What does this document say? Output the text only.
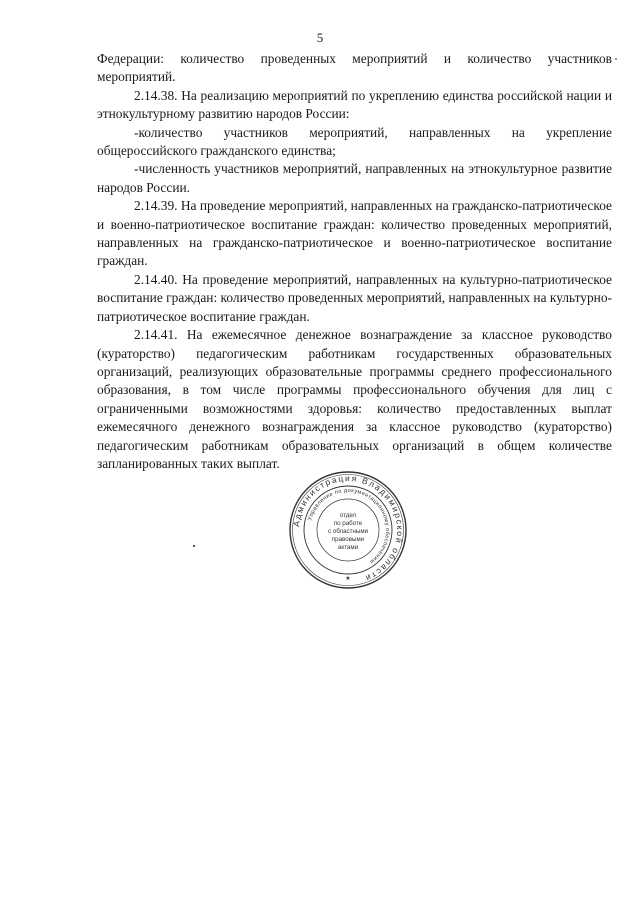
5

Федерации: количество проведенных мероприятий и количество участников мероприятий.

2.14.38. На реализацию мероприятий по укреплению единства российской нации и этнокультурному развитию народов России:

-количество участников мероприятий, направленных на укрепление общероссийского гражданского единства;

-численность участников мероприятий, направленных на этнокультурное развитие народов России.

2.14.39. На проведение мероприятий, направленных на гражданско-патриотическое и военно-патриотическое воспитание граждан: количество проведенных мероприятий, направленных на гражданско-патриотическое и военно-патриотическое воспитание граждан.

2.14.40. На проведение мероприятий, направленных на культурно-патриотическое воспитание граждан: количество проведенных мероприятий, направленных на культурно-патриотическое воспитание граждан.

2.14.41. На ежемесячное денежное вознаграждение за классное руководство (кураторство) педагогическим работникам государственных образовательных организаций, реализующих образовательные программы среднего профессионального образования, в том числе программы профессионального обучения для лиц с ограниченными возможностями здоровья: количество предоставленных выплат ежемесячного денежного вознаграждения за классное руководство (кураторство) педагогическим работникам образовательных организаций в общем количестве запланированных таких выплат.

Администрация Владимирской области
Управление по документационному обеспечению
отдел
по работе
с областными
правовыми
актами
★
